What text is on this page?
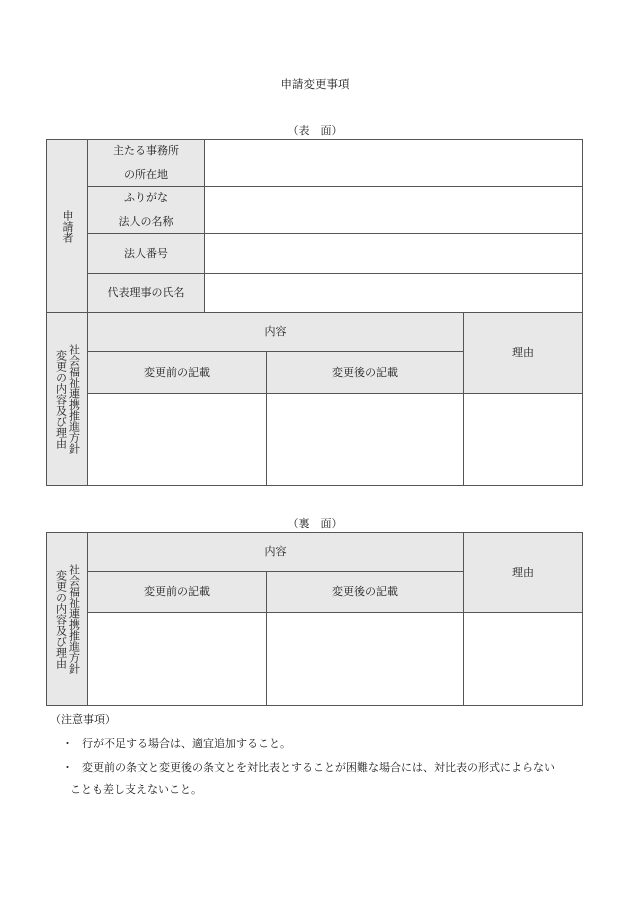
申請変更事項
（表　面）
申請者
主たる事務所
の所在地
ふりがな
法人の名称
法人番号
代表理事の氏名
社会福祉連携推進方針
変更の内容及び理由
内容
理由
変更前の記載	変更後の記載
（裏　面）
社会福祉連携推進方針
変更の内容及び理由
内容
理由
変更前の記載	変更後の記載
（注意事項）
・ 行が不足する場合は、適宜追加すること。
・ 変更前の条文と変更後の条文とを対比表とすることが困難な場合には、対比表の形式によらない
ことも差し支えないこと。
